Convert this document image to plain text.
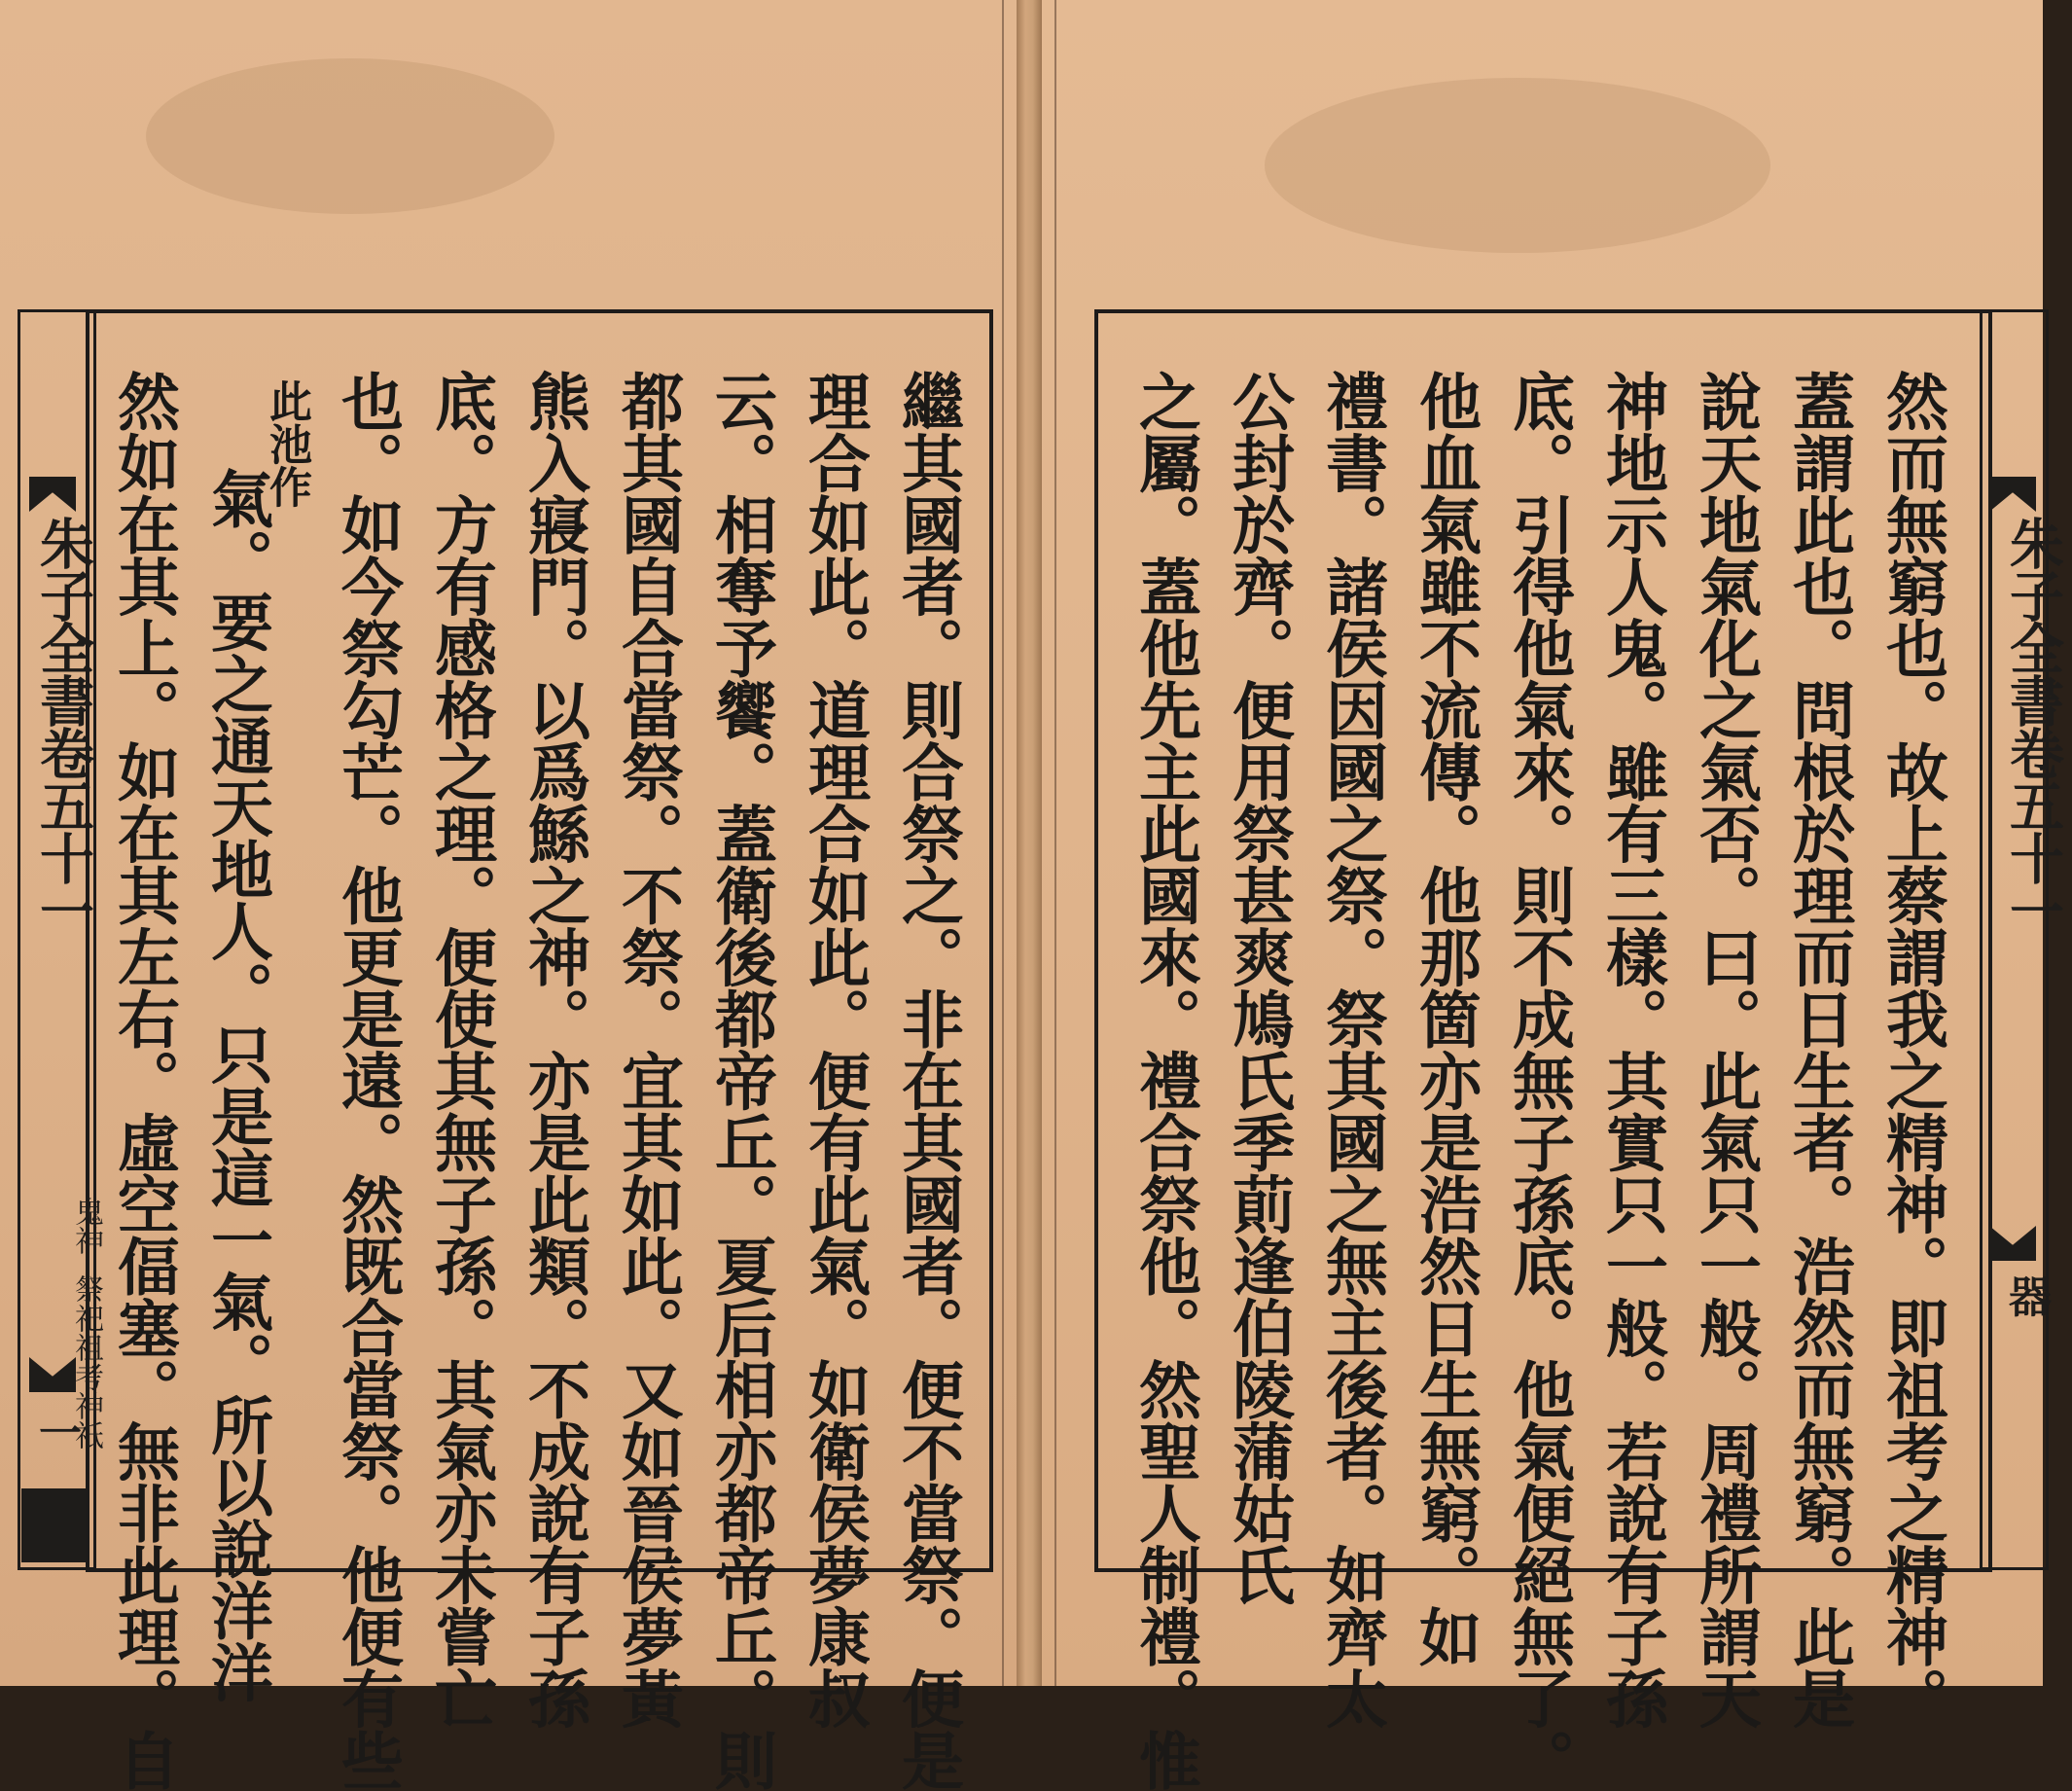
朱子全書卷五十一
鬼神
祭祀祖考神祇
一	繼其國者。則合祭之。非在其國者。便不當祭。便是
理合如此。道理合如此。便有此氣。如衛侯夢康叔
云。相奪予饗。蓋衛後都帝丘。夏后相亦都帝丘。則
都其國自合當祭。不祭。宜其如此。又如晉侯夢黃
熊入寢門。以爲鯀之神。亦是此類。不成說有子孫
底。方有感格之理。便使其無子孫。其氣亦未嘗亡
也。如今祭勾芒。他更是遠。然既合當祭。他便有些
氣。要之通天地人。只是這一氣。所以說洋洋
然如在其上。如在其左右。虛空偪塞。無非此理。自 此池作
朱子全書卷五十一
器
然而無窮也。故上蔡謂我之精神。即祖考之精神。
蓋謂此也。問根於理而日生者。浩然而無窮。此是
說天地氣化之氣否。曰。此氣只一般。周禮所謂天
神地示人鬼。雖有三樣。其實只一般。若說有子孫
底。引得他氣來。則不成無子孫底。他氣便絕無了。
他血氣雖不流傳。他那箇亦是浩然日生無窮。如
禮書。諸侯因國之祭。祭其國之無主後者。如齊太
公封於齊。便用祭甚爽鳩氏季萴逢伯陵蒲姑氏
之屬。蓋他先主此國來。禮合祭他。然聖人制禮。惟
